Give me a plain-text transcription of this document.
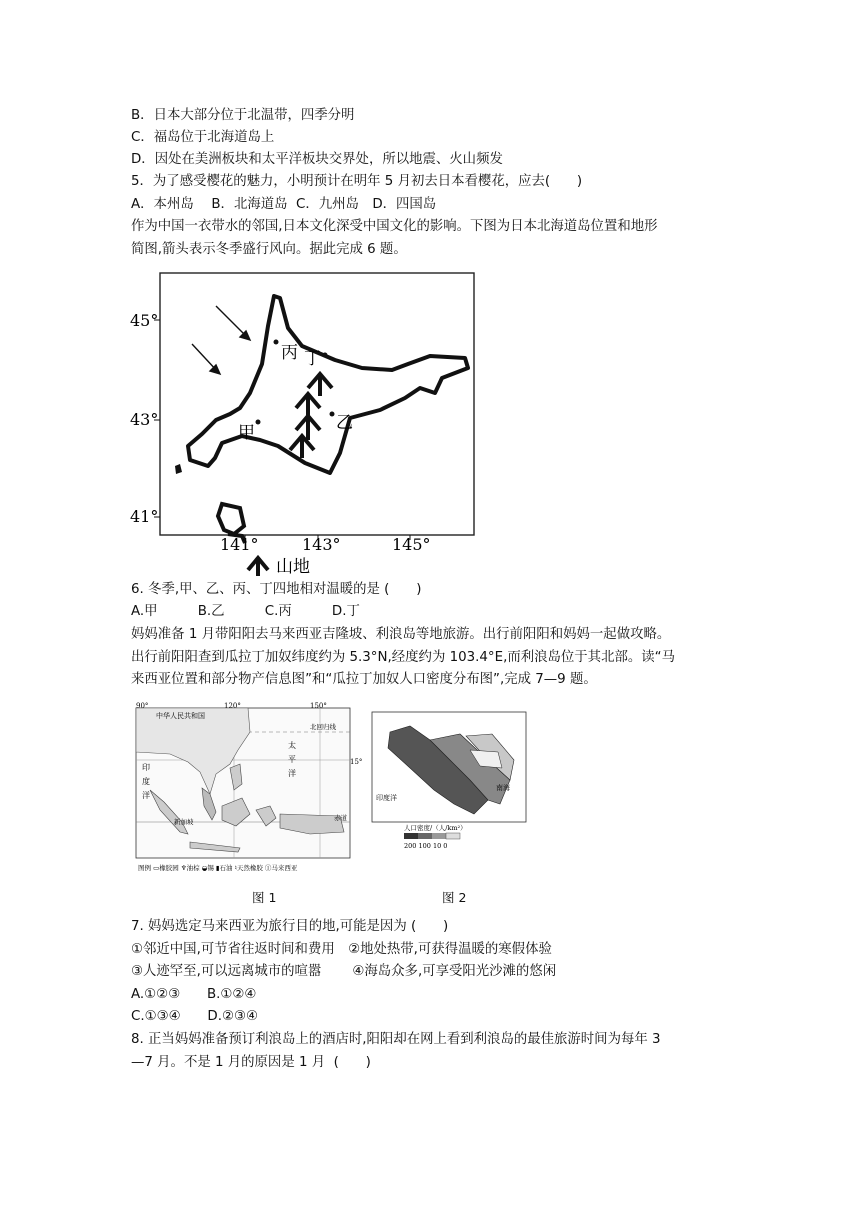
B．日本大部分位于北温带，四季分明
C．福岛位于北海道岛上
D．因处在美洲板块和太平洋板块交界处，所以地震、火山频发
5．为了感受樱花的魅力，小明预计在明年 5 月初去日本看樱花，应去(　　)
A．本州岛　 B．北海道岛  C．九州岛　D．四国岛
作为中国一衣带水的邻国,日本文化深受中国文化的影响。下图为日本北海道岛位置和地形
简图,箭头表示冬季盛行风向。据此完成 6 题。
丙 丁
乙
甲
45°
43°
41°
141°	143°	145°
山地
6. 冬季,甲、乙、丙、丁四地相对温暖的是 (　　)
A.甲　　　B.乙　　　C.丙　　　D.丁
妈妈准备 1 月带阳阳去马来西亚吉隆坡、利浪岛等地旅游。出行前阳阳和妈妈一起做攻略。
出行前阳阳查到瓜拉丁加奴纬度约为 5.3°N,经度约为 103.4°E,而利浪岛位于其北部。读“马
来西亚位置和部分物产信息图”和“瓜拉丁加奴人口密度分布图”,完成 7—9 题。
90°	120°	150°
15°
中华人民共和国
北回归线
太
平
洋
印
度
洋
新加坡	赤道
图例 ▭橡胶园 ♆油棕 ◒锡 ▮石油 ♮天然橡胶 ①马来西亚
南海
印度洋
人口密度/（人/km²）
200 100 10 0
图 1	图 2
7. 妈妈选定马来西亚为旅行目的地,可能是因为 (　　)
①邻近中国,可节省往返时间和费用　②地处热带,可获得温暖的寒假体验
③人迹罕至,可以远离城市的喧嚣　　 ④海岛众多,可享受阳光沙滩的悠闲
A.①②③　　B.①②④
C.①③④　　D.②③④
8. 正当妈妈准备预订利浪岛上的酒店时,阳阳却在网上看到利浪岛的最佳旅游时间为每年 3
—7 月。不是 1 月的原因是 1 月  (　　)
